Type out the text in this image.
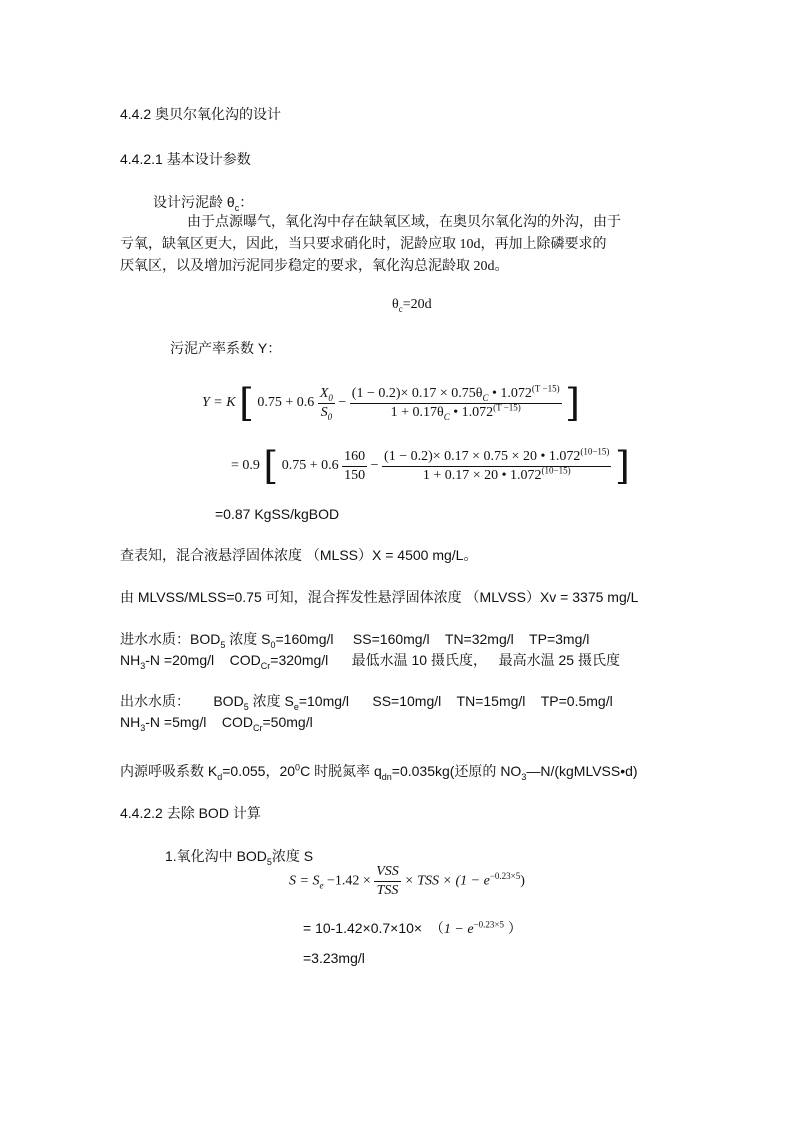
4.4.2 奥贝尔氧化沟的设计
4.4.2.1 基本设计参数
设计污泥龄 $\theta_c$：
由于点源曝气，氧化沟中存在缺氧区域，在奥贝尔氧化沟的外沟，由于
亏氧，缺氧区更大，因此，当只要求硝化时，泥龄应取 10d，再加上除磷要求的
厌氧区，以及增加污泥同步稳定的要求，氧化沟总泥龄取 20d。
$\theta_c=20d$
污泥产率系数 Y：
Y = K [ $0.75 + 0.6 \frac{X_0}{S_0} - \frac{(1 - 0.2)\times 0.17 \times 0.75\theta_C • 1.072^{(T -15)}}{1 + 0.17\theta_C • 1.072^{(T -15)}}$ ]
= 0.9 [ $0.75 + 0.6 \frac{160}{150} - \frac{(1 - 0.2)\times 0.17 \times 0.75 \times 20 • 1.072^{(10-15)}}{1 + 0.17 \times 20 • 1.072^{(10-15)}}$ ]
=0.87 KgSS/kgBOD
查表知，混合液悬浮固体浓度 （MLSS）X = 4500 mg/L。
由 MLVSS/MLSS=0.75 可知，混合挥发性悬浮固体浓度 （MLVSS）Xv = 3375 mg/L
进水水质：$BOD_5$ 浓度 $S_0=160mg/l$     SS=160mg/l    TN=32mg/l    TP=3mg/l
$NH_3-N =20mg/l$    $COD_{Cr}=320mg/l$      最低水温 10 摄氏度，   最高水温 25 摄氏度
出水水质：      $BOD_5$ 浓度 $S_e=10mg/l$      SS=10mg/l    TN=15mg/l    TP=0.5mg/l
$NH_3-N =5mg/l$    $COD_{Cr}=50mg/l$
内源呼吸系数 $K_d=0.055$，$20^0C$ 时脱氮率 $q_{dn}=0.035kg$(还原的 $NO_3—N/(kgMLVSS•d)$
4.4.2.2 去除 BOD 计算
1.氧化沟中 $BOD_5$浓度 S
$S = S_e -1.42 \times \frac{\text{VSS}}{\text{TSS}}$ × TSS × $(1 - e^{-0.23\times 5})$
= $10-1.42\times 0.7\times 10\times (1 - e^{-0.23\times 5}$ ）
=3.23mg/l
